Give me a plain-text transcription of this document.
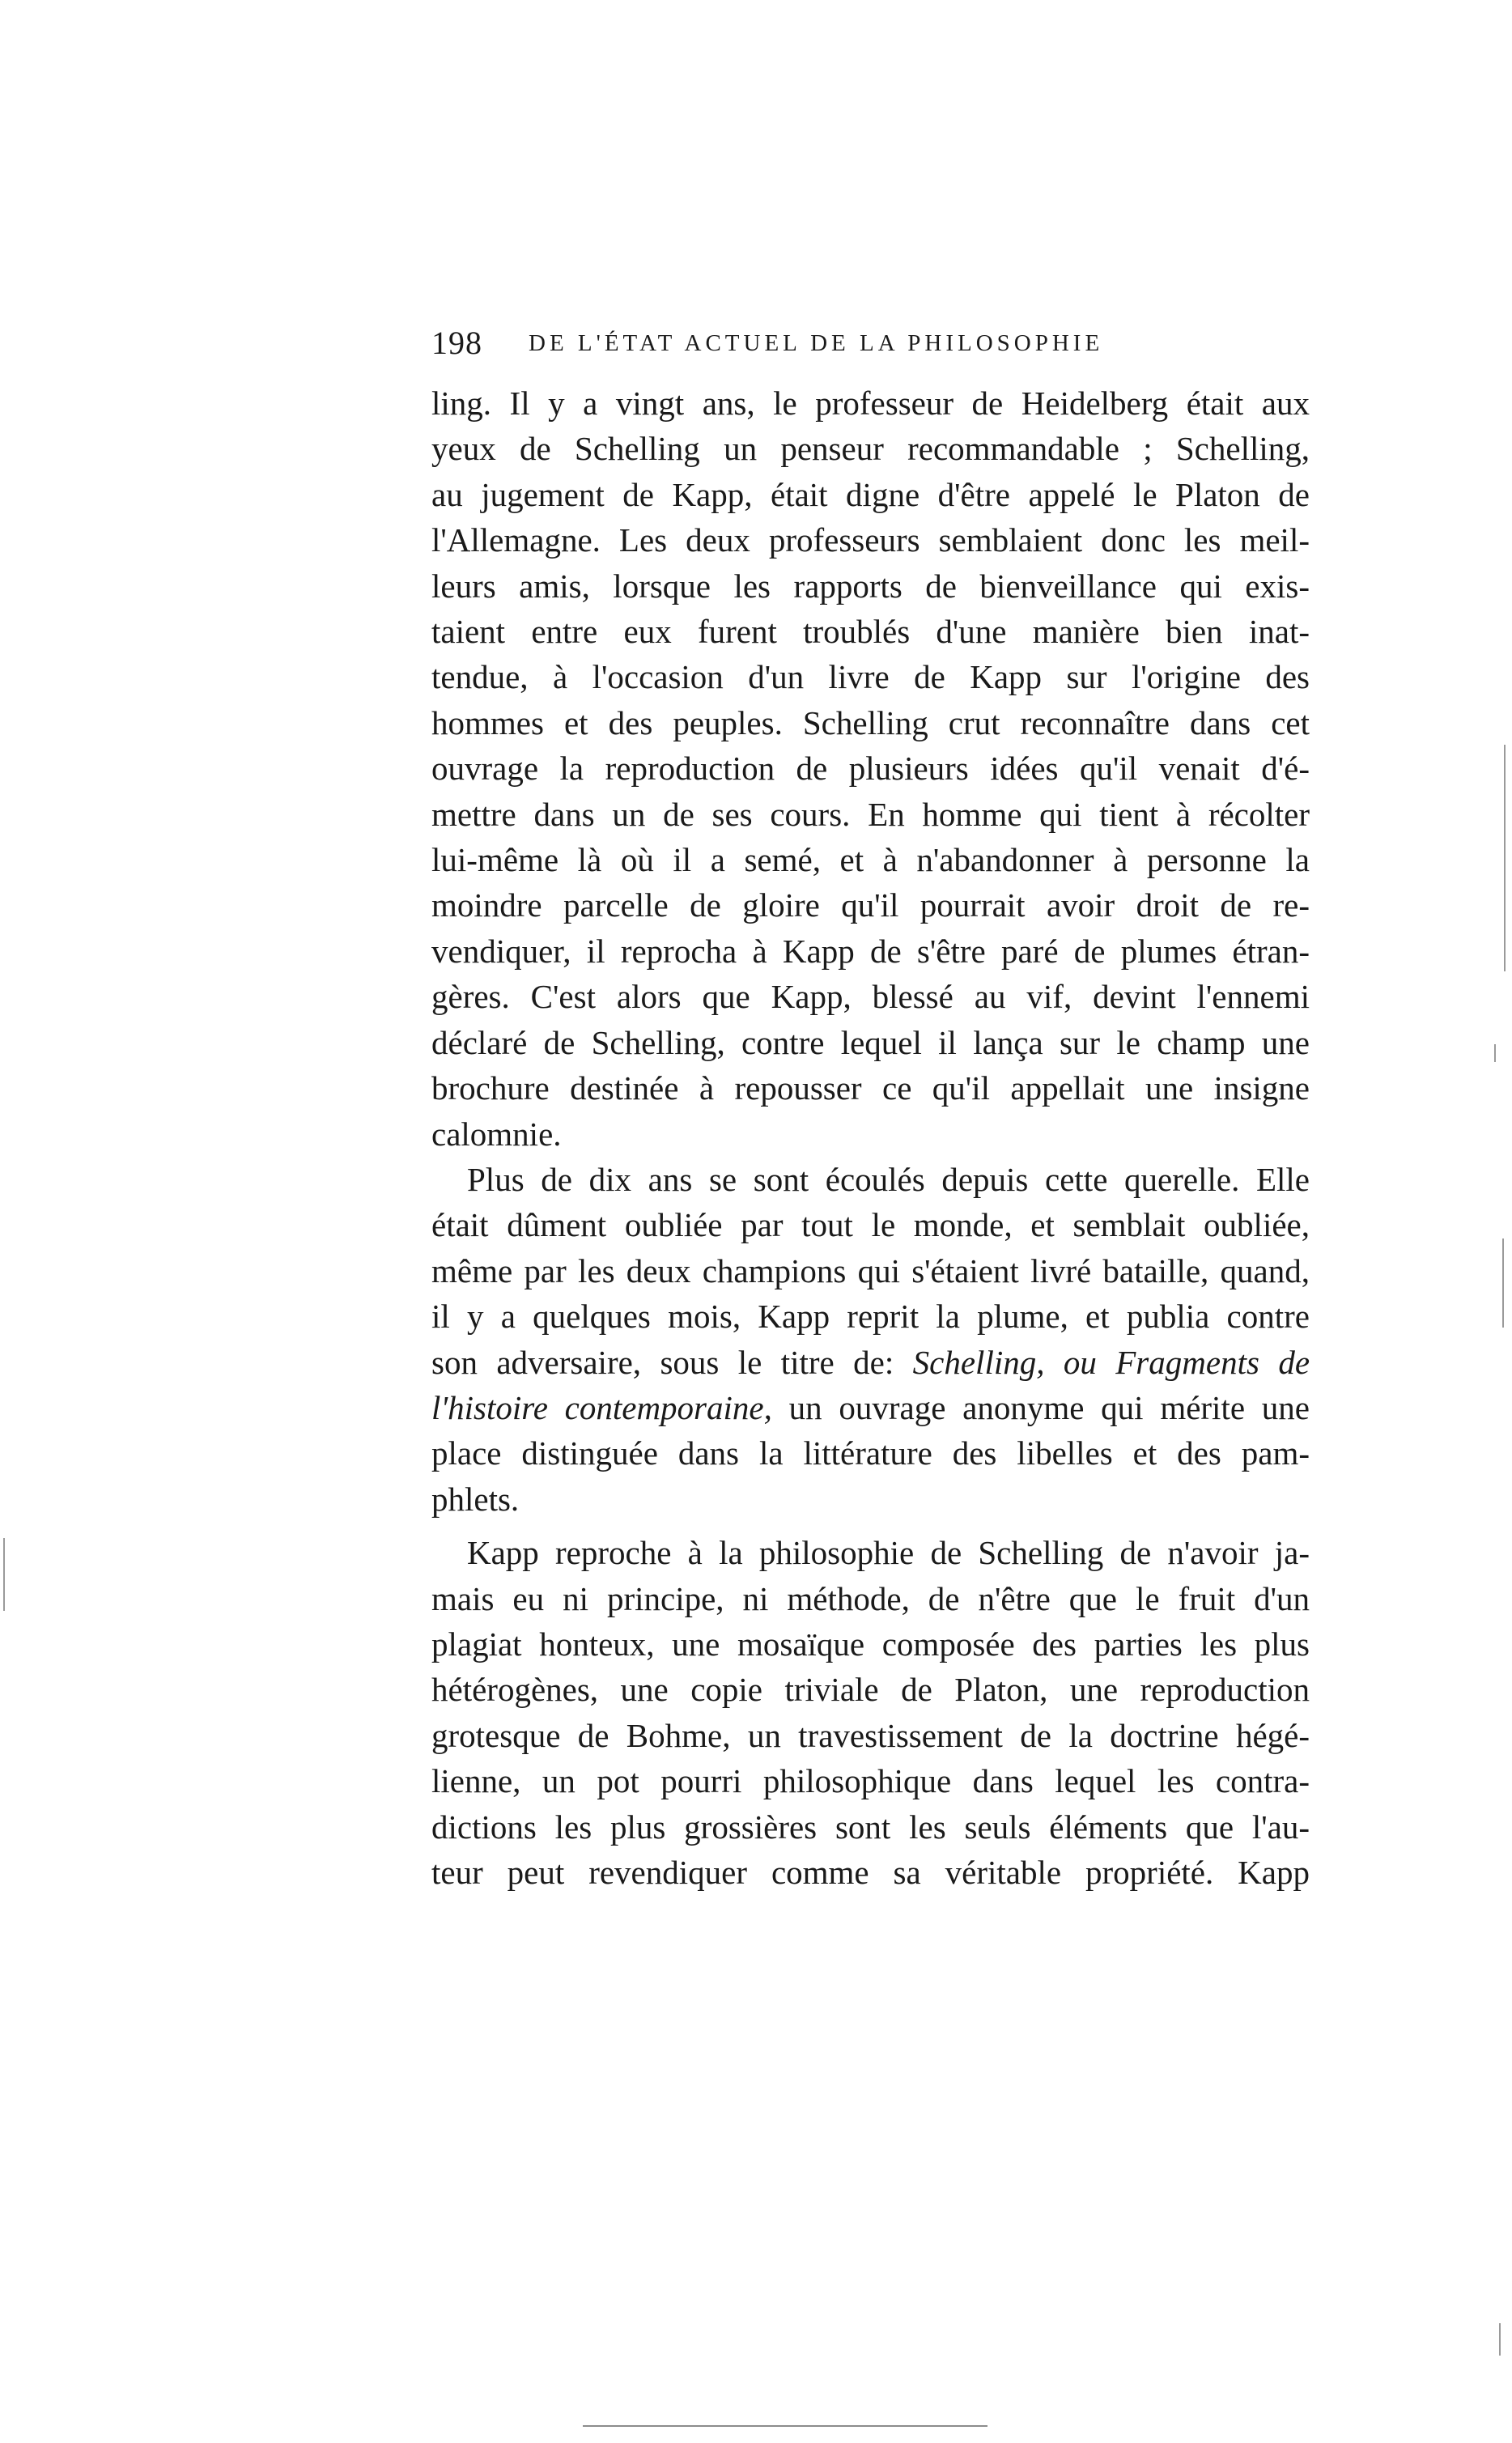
198 DE L'ÉTAT ACTUEL DE LA PHILOSOPHIE

ling. Il y a vingt ans, le professeur de Heidelberg était aux
yeux de Schelling un penseur recommandable ; Schelling,
au jugement de Kapp, était digne d'être appelé le Platon de
l'Allemagne. Les deux professeurs semblaient donc les meil-
leurs amis, lorsque les rapports de bienveillance qui exis-
taient entre eux furent troublés d'une manière bien inat-
tendue, à l'occasion d'un livre de Kapp sur l'origine des
hommes et des peuples. Schelling crut reconnaître dans cet
ouvrage la reproduction de plusieurs idées qu'il venait d'é-
mettre dans un de ses cours. En homme qui tient à récolter
lui-même là où il a semé, et à n'abandonner à personne la
moindre parcelle de gloire qu'il pourrait avoir droit de re-
vendiquer, il reprocha à Kapp de s'être paré de plumes étran-
gères. C'est alors que Kapp, blessé au vif, devint l'ennemi
déclaré de Schelling, contre lequel il lança sur le champ une
brochure destinée à repousser ce qu'il appellait une insigne
calomnie.

Plus de dix ans se sont écoulés depuis cette querelle. Elle
était dûment oubliée par tout le monde, et semblait oubliée,
même par les deux champions qui s'étaient livré bataille, quand,
il y a quelques mois, Kapp reprit la plume, et publia contre
son adversaire, sous le titre de: Schelling, ou Fragments de
l'histoire contemporaine, un ouvrage anonyme qui mérite une
place distinguée dans la littérature des libelles et des pam-
phlets.

Kapp reproche à la philosophie de Schelling de n'avoir ja-
mais eu ni principe, ni méthode, de n'être que le fruit d'un
plagiat honteux, une mosaïque composée des parties les plus
hétérogènes, une copie triviale de Platon, une reproduction
grotesque de Bohme, un travestissement de la doctrine hégé-
lienne, un pot pourri philosophique dans lequel les contra-
dictions les plus grossières sont les seuls éléments que l'au-
teur peut revendiquer comme sa véritable propriété. Kapp
